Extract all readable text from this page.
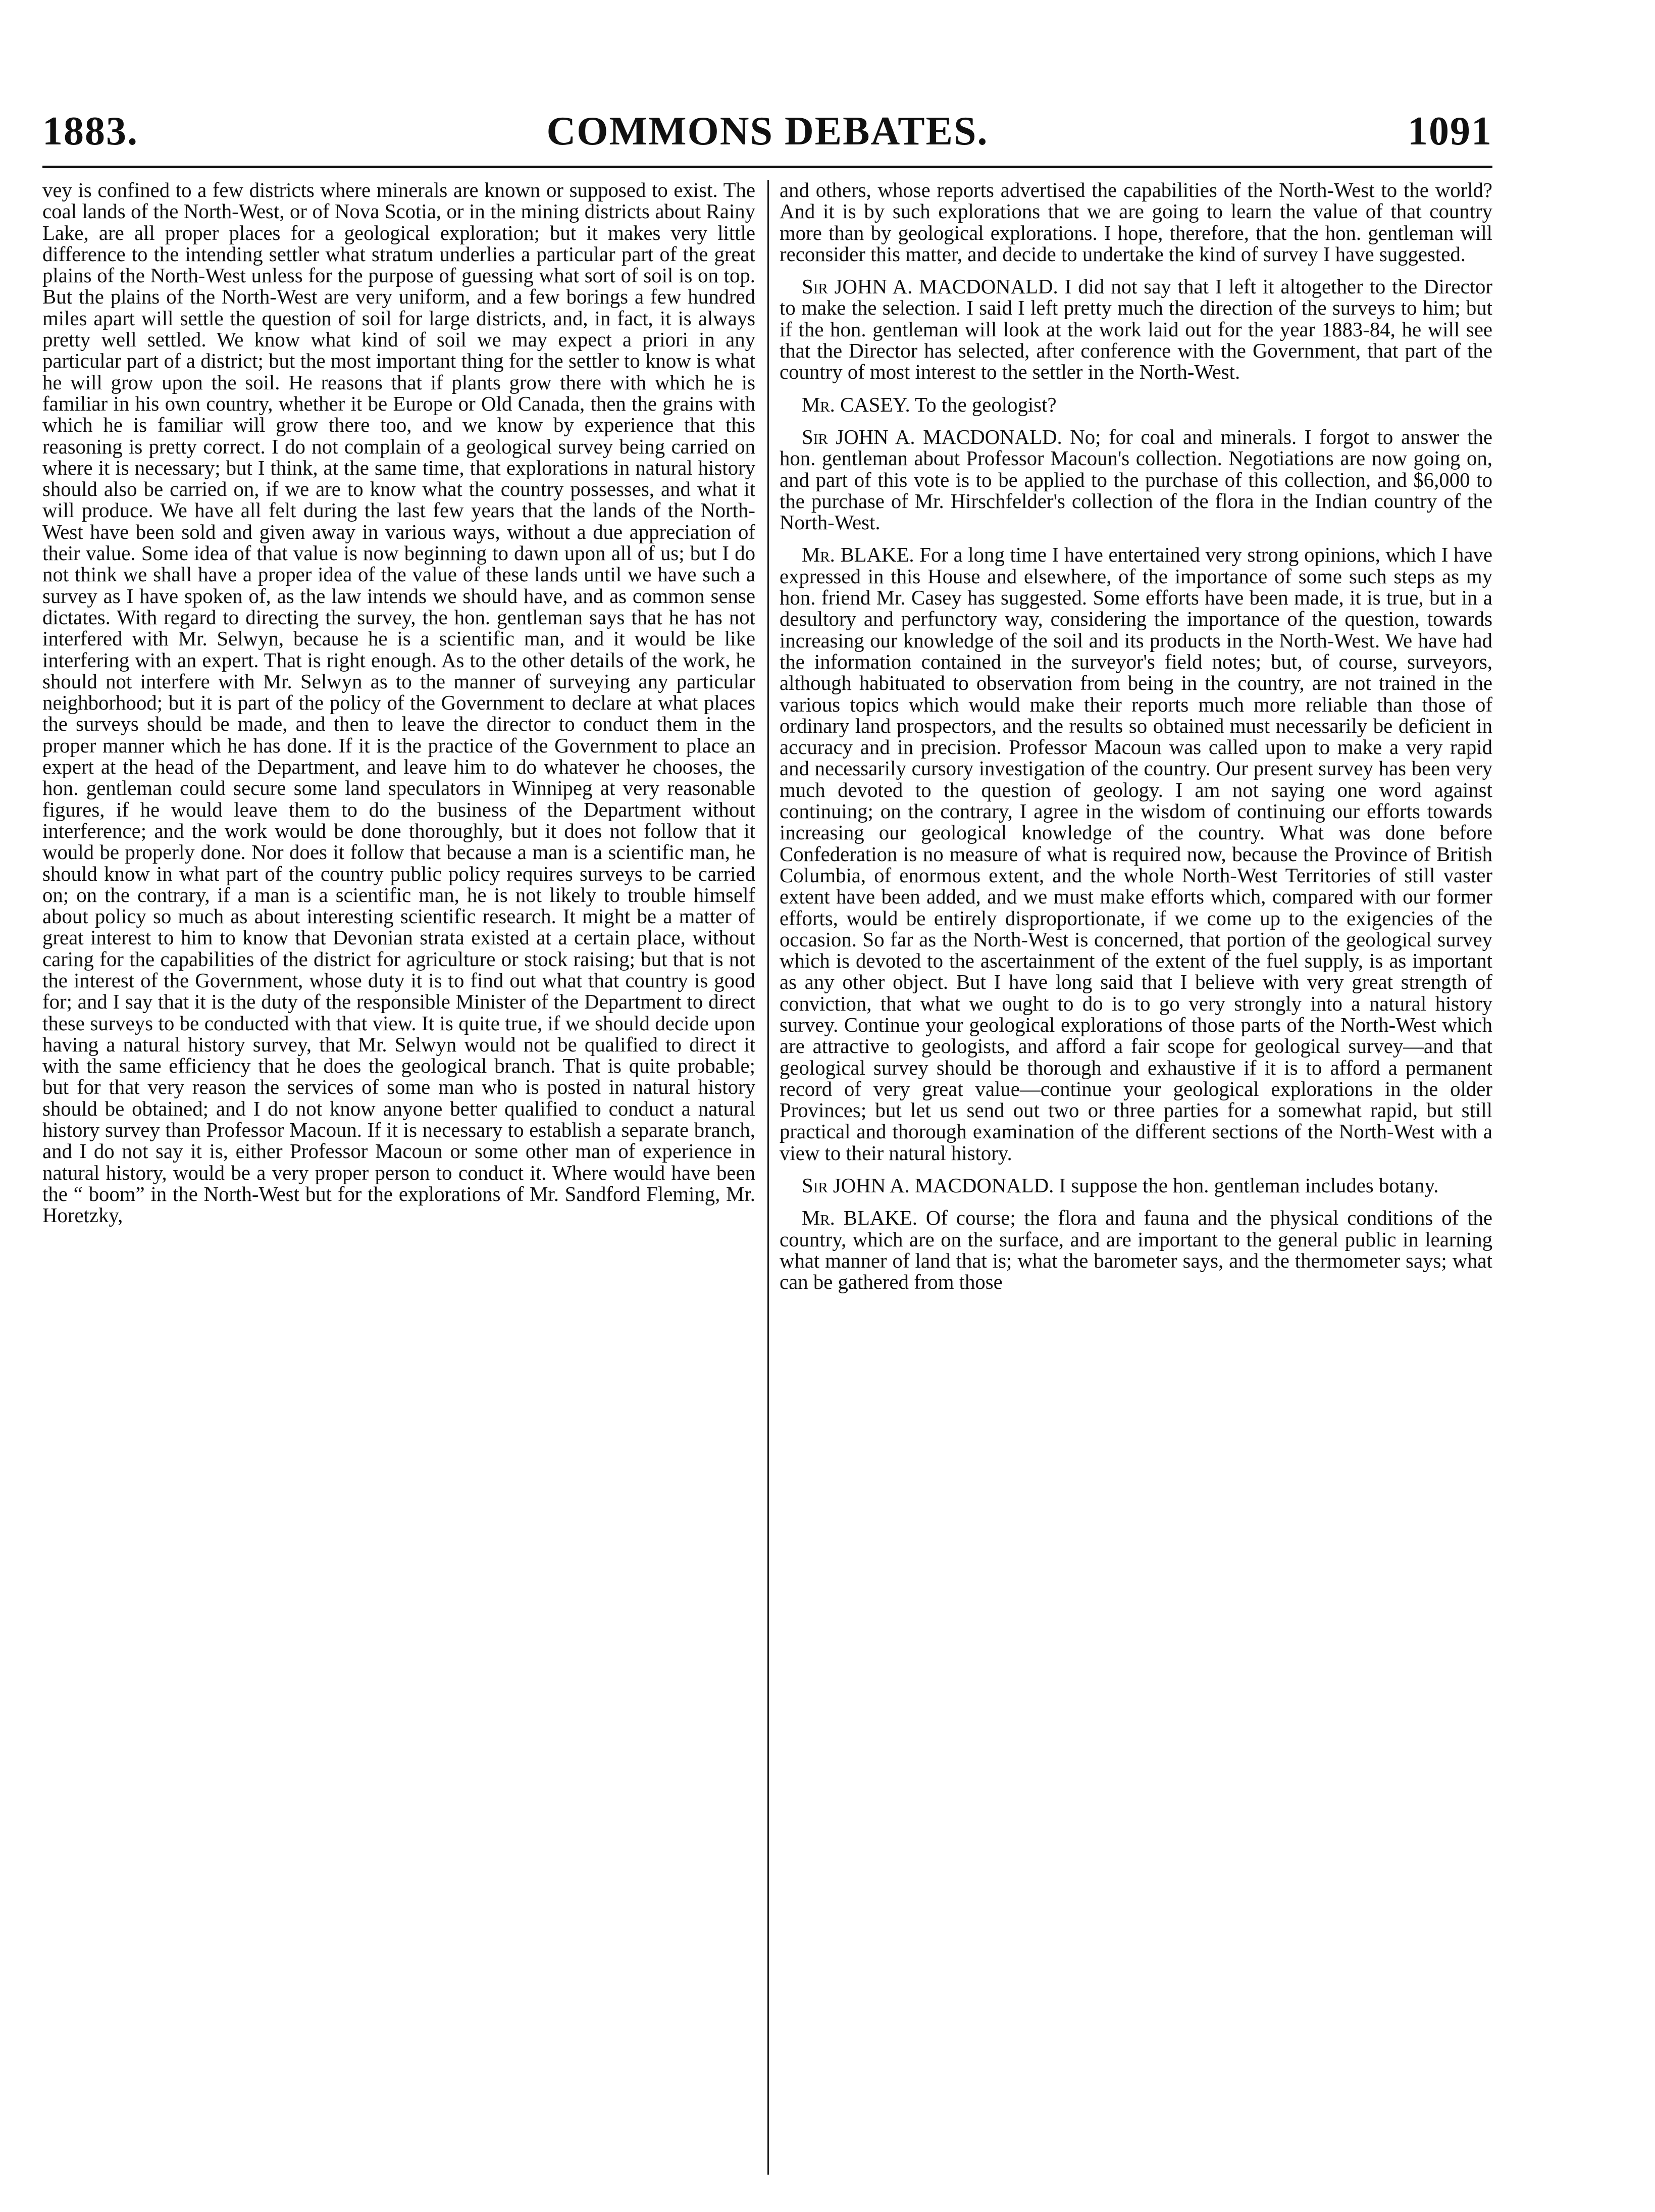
COMMONS DEBATES.
1883.	1091

vey is confined to a few districts where minerals are known or supposed to exist. The coal lands of the North-West, or of Nova Scotia, or in the mining districts about Rainy Lake, are all proper places for a geological exploration; but it makes very little difference to the intending settler what stratum underlies a particular part of the great plains of the North-West unless for the purpose of guessing what sort of soil is on top. But the plains of the North-West are very uniform, and a few borings a few hundred miles apart will settle the question of soil for large districts, and, in fact, it is always pretty well settled. We know what kind of soil we may expect a priori in any particular part of a district; but the most important thing for the settler to know is what he will grow upon the soil. He reasons that if plants grow there with which he is familiar in his own country, whether it be Europe or Old Canada, then the grains with which he is familiar will grow there too, and we know by experience that this reasoning is pretty correct. I do not complain of a geological survey being carried on where it is necessary; but I think, at the same time, that explorations in natural history should also be carried on, if we are to know what the country possesses, and what it will produce. We have all felt during the last few years that the lands of the North-West have been sold and given away in various ways, without a due appreciation of their value. Some idea of that value is now beginning to dawn upon all of us; but I do not think we shall have a proper idea of the value of these lands until we have such a survey as I have spoken of, as the law intends we should have, and as common sense dictates. With regard to directing the survey, the hon. gentleman says that he has not interfered with Mr. Selwyn, because he is a scientific man, and it would be like interfering with an expert. That is right enough. As to the other details of the work, he should not interfere with Mr. Selwyn as to the manner of surveying any particular neighborhood; but it is part of the policy of the Government to declare at what places the surveys should be made, and then to leave the director to conduct them in the proper manner which he has done. If it is the practice of the Government to place an expert at the head of the Department, and leave him to do whatever he chooses, the hon. gentleman could secure some land speculators in Winnipeg at very reasonable figures, if he would leave them to do the business of the Department without interference; and the work would be done thoroughly, but it does not follow that it would be properly done. Nor does it follow that because a man is a scientific man, he should know in what part of the country public policy requires surveys to be carried on; on the contrary, if a man is a scientific man, he is not likely to trouble himself about policy so much as about interesting scientific research. It might be a matter of great interest to him to know that Devonian strata existed at a certain place, without caring for the capabilities of the district for agriculture or stock raising; but that is not the interest of the Government, whose duty it is to find out what that country is good for; and I say that it is the duty of the responsible Minister of the Department to direct these surveys to be conducted with that view. It is quite true, if we should decide upon having a natural history survey, that Mr. Selwyn would not be qualified to direct it with the same efficiency that he does the geological branch. That is quite probable; but for that very reason the services of some man who is posted in natural history should be obtained; and I do not know anyone better qualified to conduct a natural history survey than Professor Macoun. If it is necessary to establish a separate branch, and I do not say it is, either Professor Macoun or some other man of experience in natural history, would be a very proper person to conduct it. Where would have been the “ boom” in the North-West but for the explorations of Mr. Sandford Fleming, Mr. Horetzky,

and others, whose reports advertised the capabilities of the North-West to the world? And it is by such explorations that we are going to learn the value of that country more than by geological explorations. I hope, therefore, that the hon. gentleman will reconsider this matter, and decide to undertake the kind of survey I have suggested.

Sir JOHN A. MACDONALD. I did not say that I left it altogether to the Director to make the selection. I said I left pretty much the direction of the surveys to him; but if the hon. gentleman will look at the work laid out for the year 1883-84, he will see that the Director has selected, after conference with the Government, that part of the country of most interest to the settler in the North-West.

Mr. CASEY. To the geologist?

Sir JOHN A. MACDONALD. No; for coal and minerals. I forgot to answer the hon. gentleman about Professor Macoun's collection. Negotiations are now going on, and part of this vote is to be applied to the purchase of this collection, and $6,000 to the purchase of Mr. Hirschfelder's collection of the flora in the Indian country of the North-West.

Mr. BLAKE. For a long time I have entertained very strong opinions, which I have expressed in this House and elsewhere, of the importance of some such steps as my hon. friend Mr. Casey has suggested. Some efforts have been made, it is true, but in a desultory and perfunctory way, considering the importance of the question, towards increasing our knowledge of the soil and its products in the North-West. We have had the information contained in the surveyor's field notes; but, of course, surveyors, although habituated to observation from being in the country, are not trained in the various topics which would make their reports much more reliable than those of ordinary land prospectors, and the results so obtained must necessarily be deficient in accuracy and in precision. Professor Macoun was called upon to make a very rapid and necessarily cursory investigation of the country. Our present survey has been very much devoted to the question of geology. I am not saying one word against continuing; on the contrary, I agree in the wisdom of continuing our efforts towards increasing our geological knowledge of the country. What was done before Confederation is no measure of what is required now, because the Province of British Columbia, of enormous extent, and the whole North-West Territories of still vaster extent have been added, and we must make efforts which, compared with our former efforts, would be entirely disproportionate, if we come up to the exigencies of the occasion. So far as the North-West is concerned, that portion of the geological survey which is devoted to the ascertainment of the extent of the fuel supply, is as important as any other object. But I have long said that I believe with very great strength of conviction, that what we ought to do is to go very strongly into a natural history survey. Continue your geological explorations of those parts of the North-West which are attractive to geologists, and afford a fair scope for geological survey—and that geological survey should be thorough and exhaustive if it is to afford a permanent record of very great value—continue your geological explorations in the older Provinces; but let us send out two or three parties for a somewhat rapid, but still practical and thorough examination of the different sections of the North-West with a view to their natural history.

Sir JOHN A. MACDONALD. I suppose the hon. gentleman includes botany.

Mr. BLAKE. Of course; the flora and fauna and the physical conditions of the country, which are on the surface, and are important to the general public in learning what manner of land that is; what the barometer says, and the thermometer says; what can be gathered from those
